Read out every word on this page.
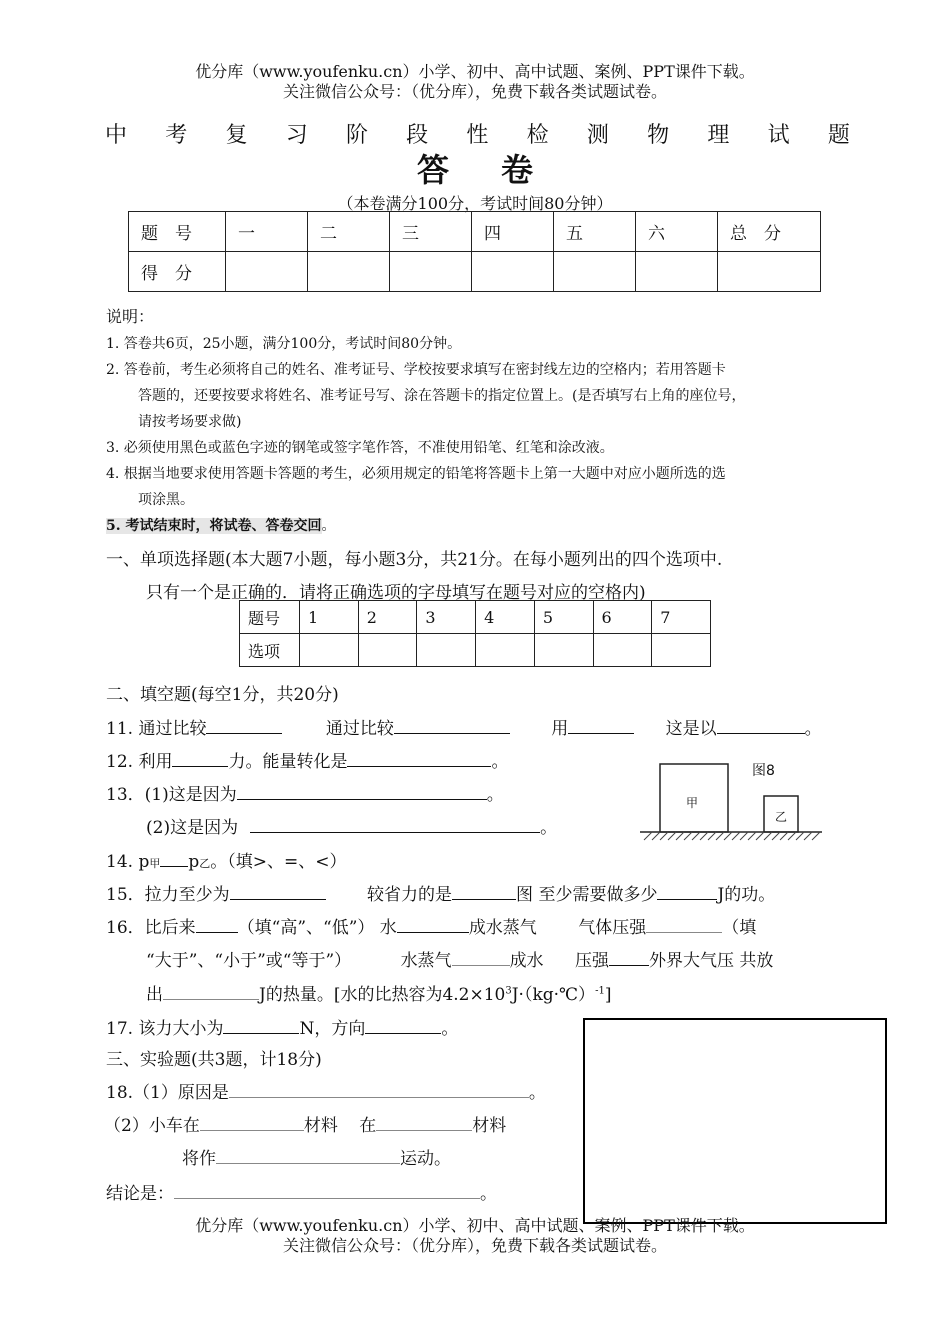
优分库（www.youfenku.cn）小学、初中、高中试题、案例、PPT课件下载。
关注微信公众号：（优分库），免费下载各类试题试卷。
中 考 复 习 阶 段 性 检 测 物 理 试 题
答卷
（本卷满分100分，考试时间80分钟）
题　号	一	二	三	四	五	六	总　分
得　分							
说明：
1. 答卷共6页，25小题，满分100分，考试时间80分钟。
2. 答卷前，考生必须将自己的姓名、准考证号、学校按要求填写在密封线左边的空格内；若用答题卡
答题的，还要按要求将姓名、准考证号写、涂在答题卡的指定位置上。(是否填写右上角的座位号，
请按考场要求做)
3. 必须使用黑色或蓝色字迹的钢笔或签字笔作答，不准使用铅笔、红笔和涂改液。
4. 根据当地要求使用答题卡答题的考生，必须用规定的铅笔将答题卡上第一大题中对应小题所选的选
项涂黑。
5. 考试结束时，将试卷、答卷交回。
一、单项选择题(本大题7小题，每小题3分，共21分。在每小题列出的四个选项中.
只有一个是正确的．请将正确选项的字母填写在题号对应的空格内)
题号	1	2	3	4	5	6	7
选项							
二、填空题(每空1分，共20分)
11. 通过比较	通过比较	用	这是以	。
12. 利用	力。能量转化是	。
13．(1)这是因为	。
(2)这是因为	。
14. p甲 p乙。（填>、=、<）
15．拉力至少为	较省力的是	图 至少需要做多少	J的功。
16．比后来 （填“高”、“低”） 水	成水蒸气 气体压强	（填
“大于”、“小于”或“等于”）	水蒸气	成水 压强 外界大气压 共放
出	J的热量。[水的比热容为$4.2\times 10^3J\cdot(kg\cdot℃)^{-1}$]
17. 该力大小为	N，方向	。
图8
甲
乙
三、实验题(共3题，计18分)
18.（1）原因是	。
（2）小车在	材料 在	材料
将作	运动。
结论是：	。
优分库（www.youfenku.cn）小学、初中、高中试题、案例、PPT课件下载。
关注微信公众号：（优分库），免费下载各类试题试卷。
